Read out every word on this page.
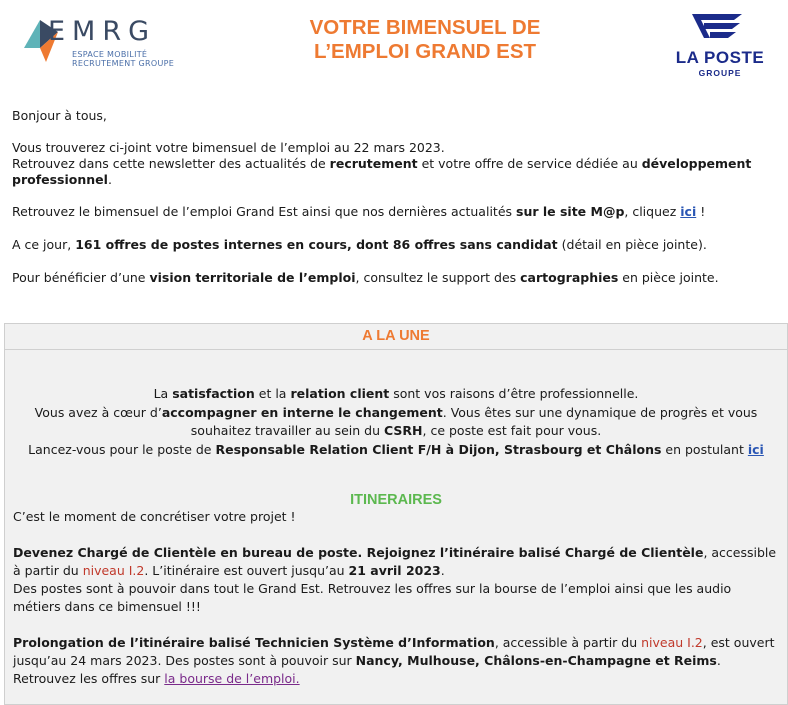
EMRG
ESPACE MOBILITÉ
RECRUTEMENT GROUPE
VOTRE BIMENSUEL DE
L’EMPLOI GRAND EST	LA POSTE
GROUPE

Bonjour à tous,

Vous trouverez ci-joint votre bimensuel de l’emploi au 22 mars 2023.

Retrouvez dans cette newsletter des actualités de recrutement et votre offre de service dédiée au développement professionnel.

Retrouvez le bimensuel de l’emploi Grand Est ainsi que nos dernières actualités sur le site M@p, cliquez ici !

A ce jour, 161 offres de postes internes en cours, dont 86 offres sans candidat (détail en pièce jointe).

Pour bénéficier d’une vision territoriale de l’emploi, consultez le support des cartographies en pièce jointe.

A LA UNE
La satisfaction et la relation client sont vos raisons d’être professionnelle.
Vous avez à cœur d’accompagner en interne le changement. Vous êtes sur une dynamique de progrès et vous souhaitez travailler au sein du CSRH, ce poste est fait pour vous.
Lancez-vous pour le poste de Responsable Relation Client F/H à Dijon, Strasbourg et Châlons en postulant ici
ITINERAIRES

C’est le moment de concrétiser votre projet !

Devenez Chargé de Clientèle en bureau de poste. Rejoignez l’itinéraire balisé Chargé de Clientèle, accessible à partir du niveau I.2. L’itinéraire est ouvert jusqu’au 21 avril 2023.

Des postes sont à pouvoir dans tout le Grand Est. Retrouvez les offres sur la bourse de l’emploi ainsi que les audio métiers dans ce bimensuel !!!

Prolongation de l’itinéraire balisé Technicien Système d’Information, accessible à partir du niveau I.2, est ouvert jusqu’au 24 mars 2023. Des postes sont à pouvoir sur Nancy, Mulhouse, Châlons-en-Champagne et Reims. Retrouvez les offres sur la bourse de l’emploi.
